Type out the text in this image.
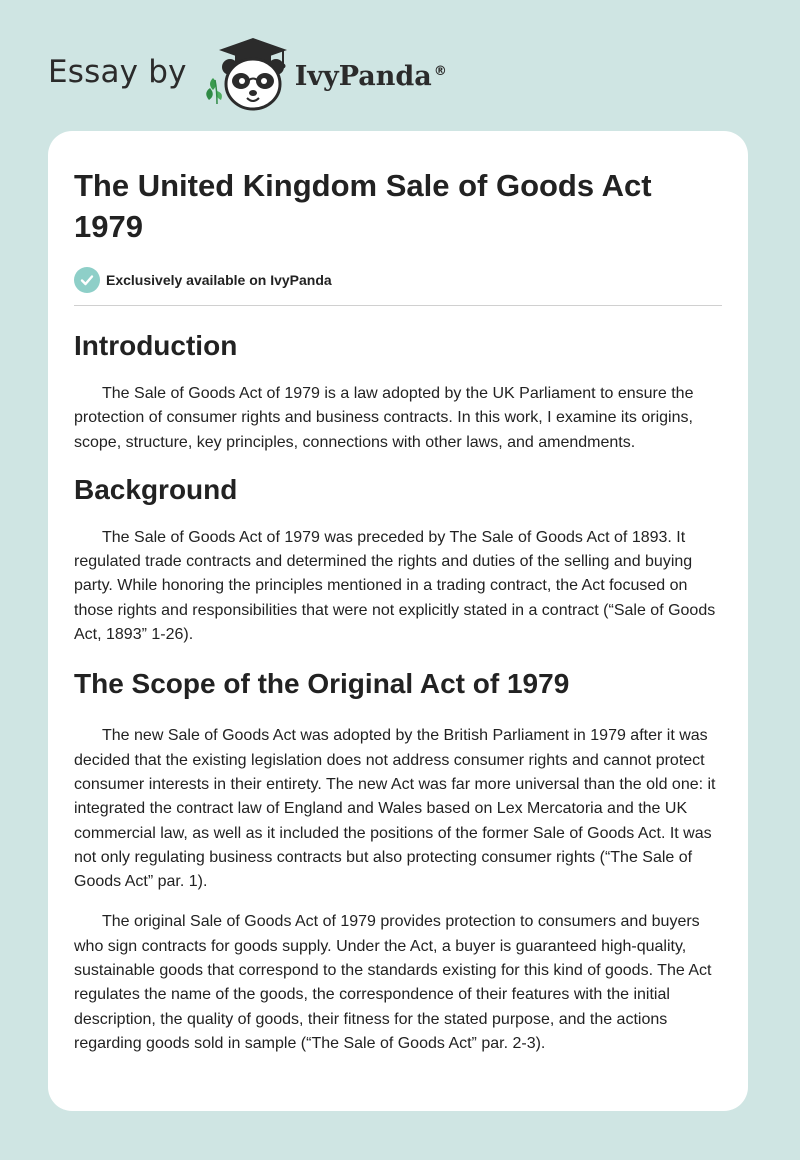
Essay by	IvyPanda ®
The United Kingdom Sale of Goods Act 1979
Exclusively available on IvyPanda
Introduction

The Sale of Goods Act of 1979 is a law adopted by the UK Parliament to ensure the protection of consumer rights and business contracts. In this work, I examine its origins, scope, structure, key principles, connections with other laws, and amendments.

Background

The Sale of Goods Act of 1979 was preceded by The Sale of Goods Act of 1893. It regulated trade contracts and determined the rights and duties of the selling and buying party. While honoring the principles mentioned in a trading contract, the Act focused on those rights and responsibilities that were not explicitly stated in a contract (“Sale of Goods Act, 1893” 1-26).

The Scope of the Original Act of 1979

The new Sale of Goods Act was adopted by the British Parliament in 1979 after it was decided that the existing legislation does not address consumer rights and cannot protect consumer interests in their entirety. The new Act was far more universal than the old one: it integrated the contract law of England and Wales based on Lex Mercatoria and the UK commercial law, as well as it included the positions of the former Sale of Goods Act. It was not only regulating business contracts but also protecting consumer rights (“The Sale of Goods Act” par. 1).

The original Sale of Goods Act of 1979 provides protection to consumers and buyers who sign contracts for goods supply. Under the Act, a buyer is guaranteed high-quality, sustainable goods that correspond to the standards existing for this kind of goods. The Act regulates the name of the goods, the correspondence of their features with the initial description, the quality of goods, their fitness for the stated purpose, and the actions regarding goods sold in sample (“The Sale of Goods Act” par. 2-3).
